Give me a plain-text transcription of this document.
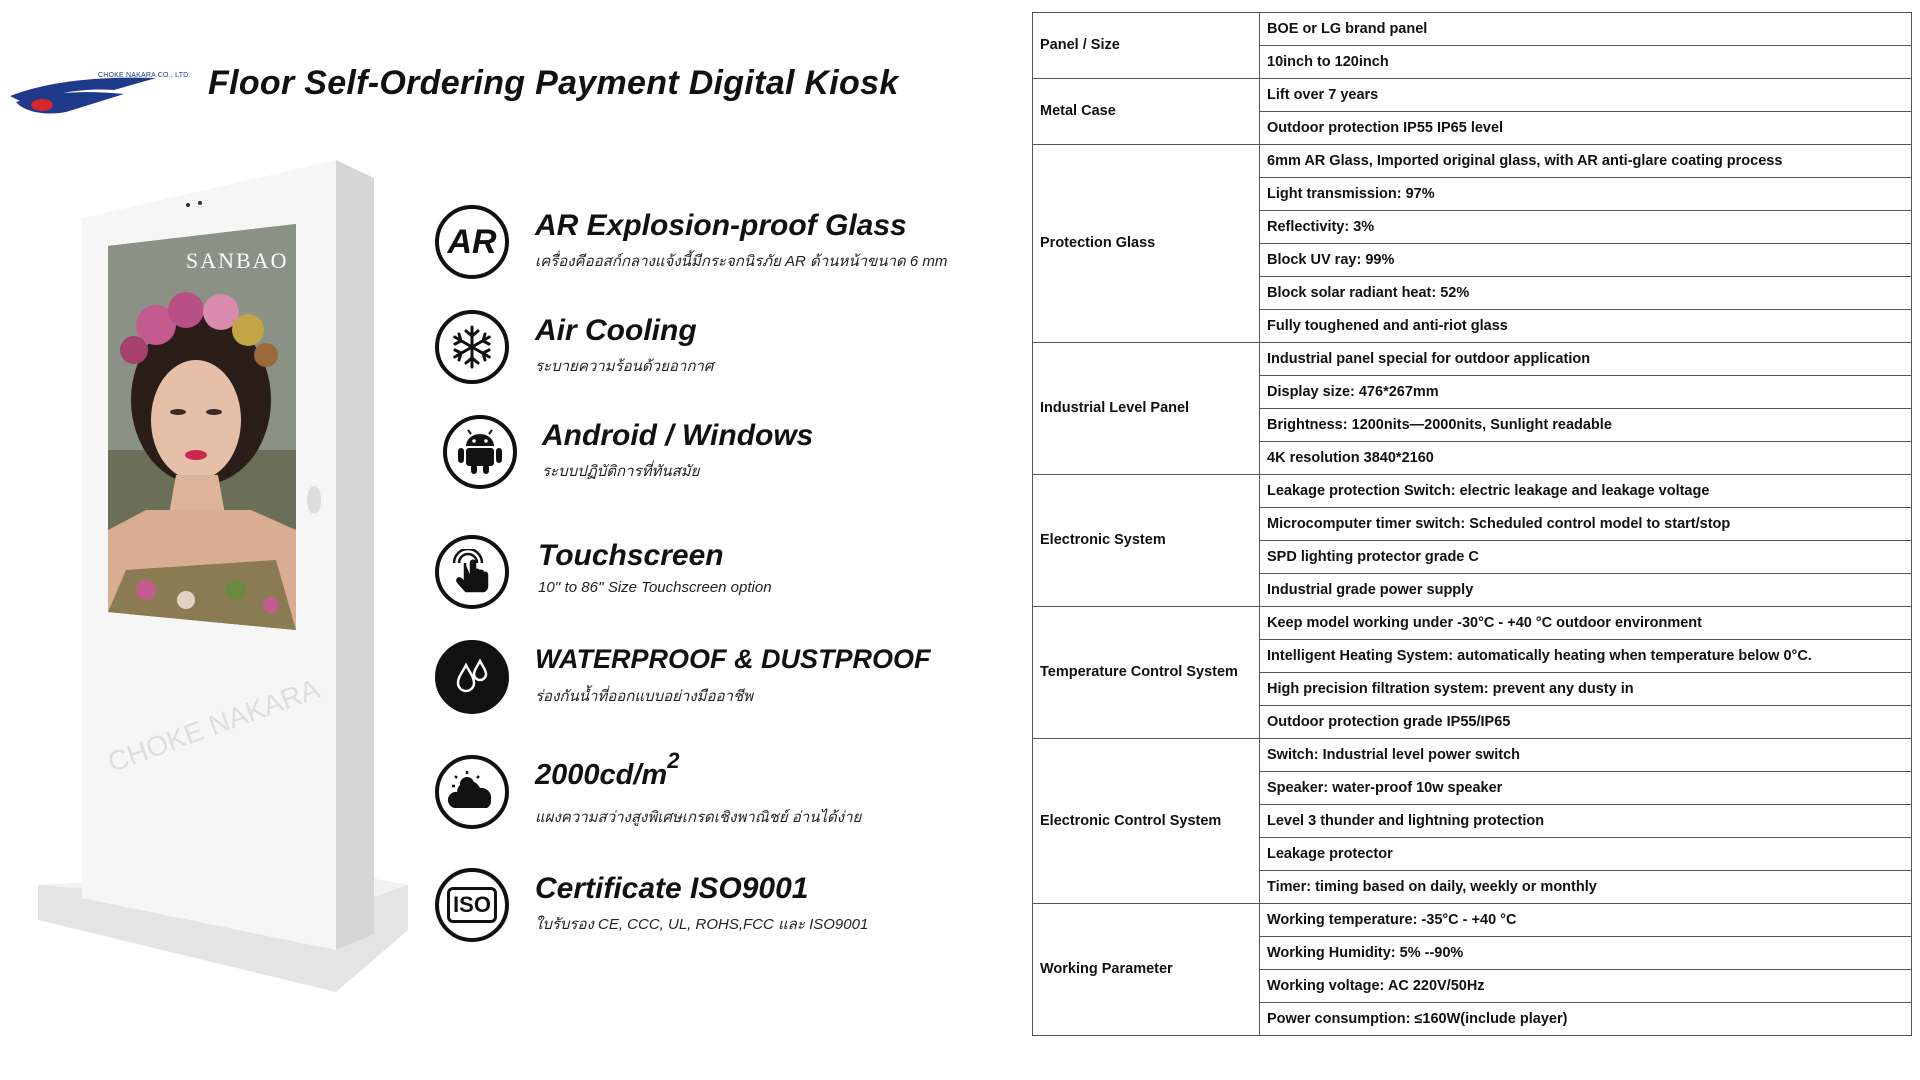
CHOKE NAKARA CO., LTD. Floor Self-Ordering Payment Digital Kiosk
SANBAO
CHOKE NAKARA
AR AR Explosion-proof Glass
เครื่องคีออสก์กลางแจ้งนี้มีกระจกนิรภัย AR ด้านหน้าขนาด 6 mm
Air Cooling
ระบายความร้อนด้วยอากาศ
Android / Windows
ระบบปฏิบัติการที่ทันสมัย
Touchscreen
10'' to 86'' Size Touchscreen option
WATERPROOF & DUSTPROOF
ร่องกันน้ำที่ออกแบบอย่างมืออาชีพ
$2000cd/m^2$
แผงความสว่างสูงพิเศษเกรดเชิงพาณิชย์ อ่านได้ง่าย
ISO Certificate ISO9001
ใบรับรอง CE, CCC, UL, ROHS,FCC และ ISO9001
Panel / Size	BOE or LG brand panel
	10inch to 120inch
Metal Case	Lift over 7 years
	Outdoor protection IP55 IP65 level
Protection Glass	6mm AR Glass, Imported original glass, with AR anti-glare coating process
	Light transmission: 97%
	Reflectivity: 3%
	Block UV ray: 99%
	Block solar radiant heat: 52%
	Fully toughened and anti-riot glass
Industrial Level Panel	Industrial panel special for outdoor application
	Display size: 476*267mm
	Brightness: 1200nits—2000nits, Sunlight readable
	4K resolution 3840*2160
Electronic System	Leakage protection Switch: electric leakage and leakage voltage
	Microcomputer timer switch: Scheduled control model to start/stop
	SPD lighting protector grade C
	Industrial grade power supply
Temperature Control System	Keep model working under -30°C - +40 °C outdoor environment
	Intelligent Heating System: automatically heating when temperature below 0°C.
	High precision filtration system: prevent any dusty in
	Outdoor protection grade IP55/IP65
Electronic Control System	Switch: Industrial level power switch
	Speaker: water-proof 10w speaker
	Level 3 thunder and lightning protection
	Leakage protector
	Timer: timing based on daily, weekly or monthly
Working Parameter	Working temperature: -35°C - +40 °C
	Working Humidity: 5% --90%
	Working voltage: AC 220V/50Hz
	Power consumption: ≤160W(include player)
